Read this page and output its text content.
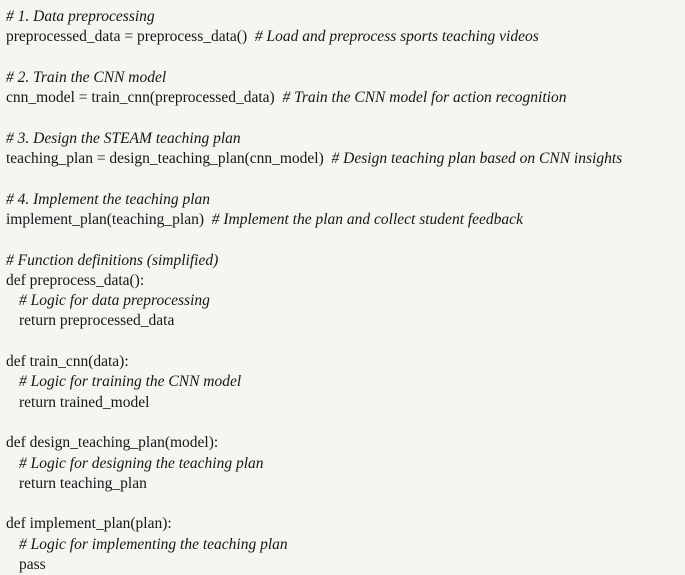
# 1. Data preprocessing
preprocessed_data = preprocess_data()  # Load and preprocess sports teaching videos

# 2. Train the CNN model
cnn_model = train_cnn(preprocessed_data)  # Train the CNN model for action recognition

# 3. Design the STEAM teaching plan
teaching_plan = design_teaching_plan(cnn_model)  # Design teaching plan based on CNN insights

# 4. Implement the teaching plan
implement_plan(teaching_plan)  # Implement the plan and collect student feedback

# Function definitions (simplified)
def preprocess_data():
# Logic for data preprocessing
return preprocessed_data

def train_cnn(data):
# Logic for training the CNN model
return trained_model

def design_teaching_plan(model):
# Logic for designing the teaching plan
return teaching_plan

def implement_plan(plan):
# Logic for implementing the teaching plan
pass
